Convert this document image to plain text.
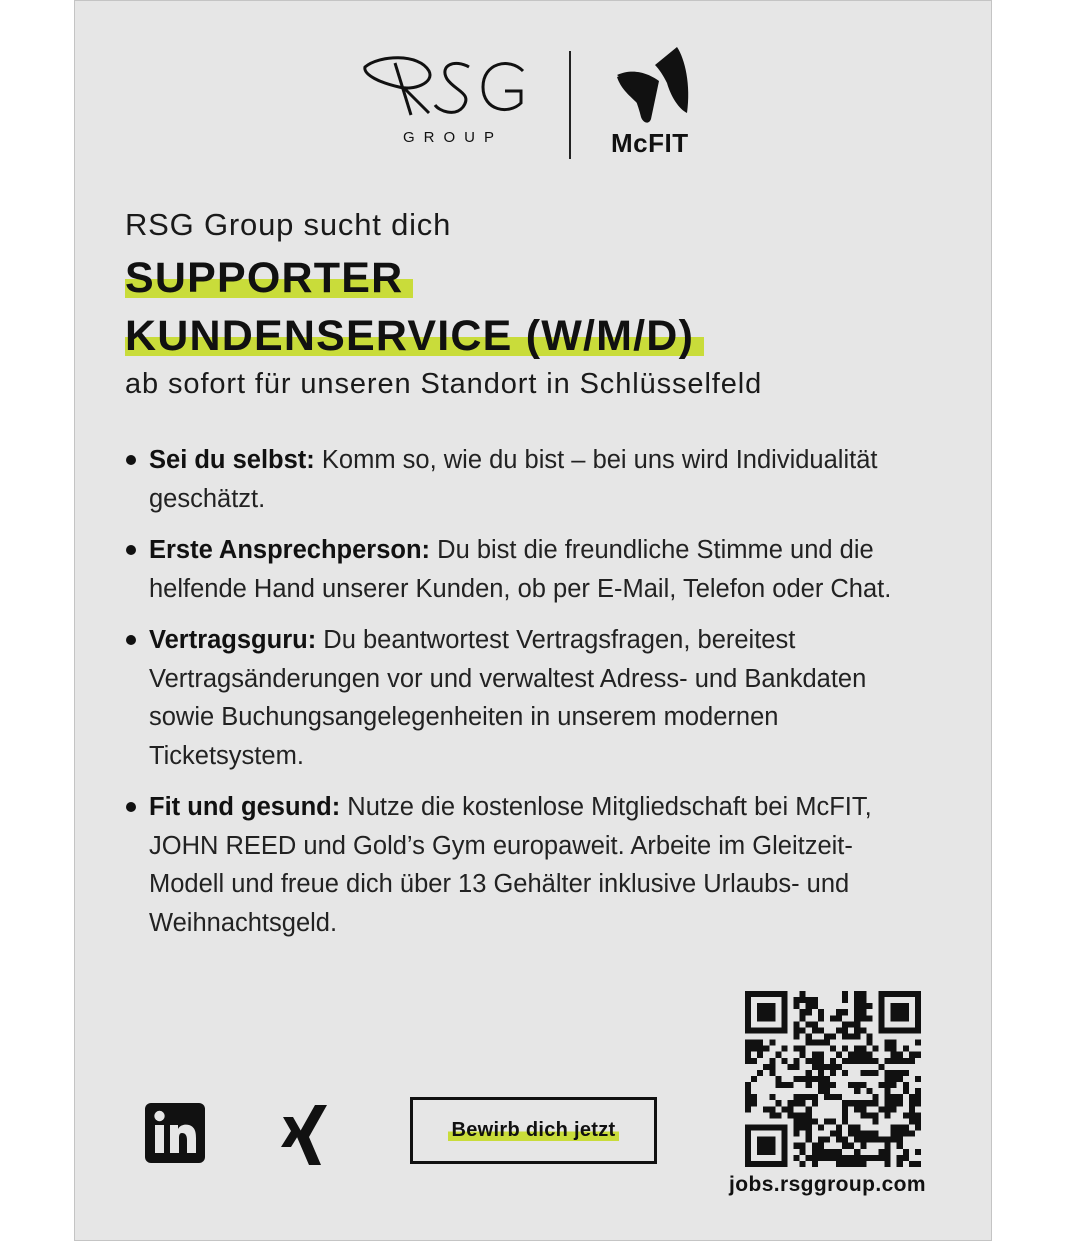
GROUP	McFIT
RSG Group sucht dich
SUPPORTER
KUNDENSERVICE (W/M/D)
ab sofort für unseren Standort in Schlüsselfeld
Sei du selbst: Komm so, wie du bist – bei uns wird Individualität geschätzt.
Erste Ansprechperson: Du bist die freundliche Stimme und die helfende Hand unserer Kunden, ob per E-Mail, Telefon oder Chat.
Vertragsguru: Du beantwortest Vertragsfragen, bereitest Vertragsänderungen vor und verwaltest Adress- und Bankdaten sowie Buchungsangelegenheiten in unserem modernen Ticketsystem.
Fit und gesund: Nutze die kostenlose Mitgliedschaft bei McFIT, JOHN REED und Gold’s Gym europaweit. Arbeite im Gleitzeit-Modell und freue dich über 13 Gehälter inklusive Urlaubs- und Weihnachtsgeld.
Bewirb dich jetzt
jobs.rsggroup.com
